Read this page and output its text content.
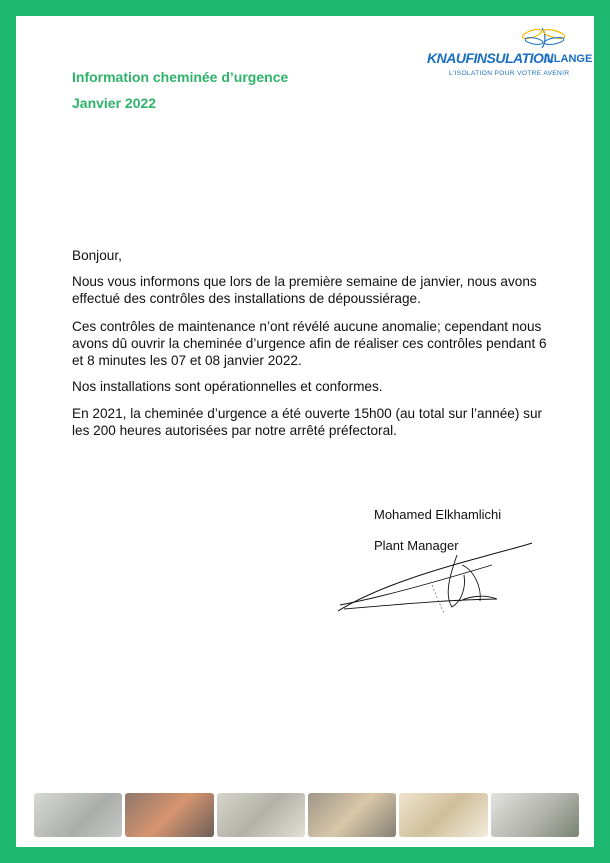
Information cheminée d’urgence

Janvier 2022

KNAUFINSULATION
ILLANGE
L’ISOLATION POUR VOTRE AVENIR

Bonjour,

Nous vous informons que lors de la première semaine de janvier, nous avons effectué des contrôles des installations de dépoussiérage.

Ces contrôles de maintenance n’ont révélé aucune anomalie; cependant nous avons dû ouvrir la cheminée d’urgence afin de réaliser ces contrôles pendant 6 et 8 minutes les 07 et 08 janvier 2022.

Nos installations sont opérationnelles et conformes.

En 2021, la cheminée d’urgence a été ouverte 15h00 (au total sur l’année) sur les 200 heures autorisées par notre arrêté préfectoral.

Mohamed Elkhamlichi

Plant Manager
